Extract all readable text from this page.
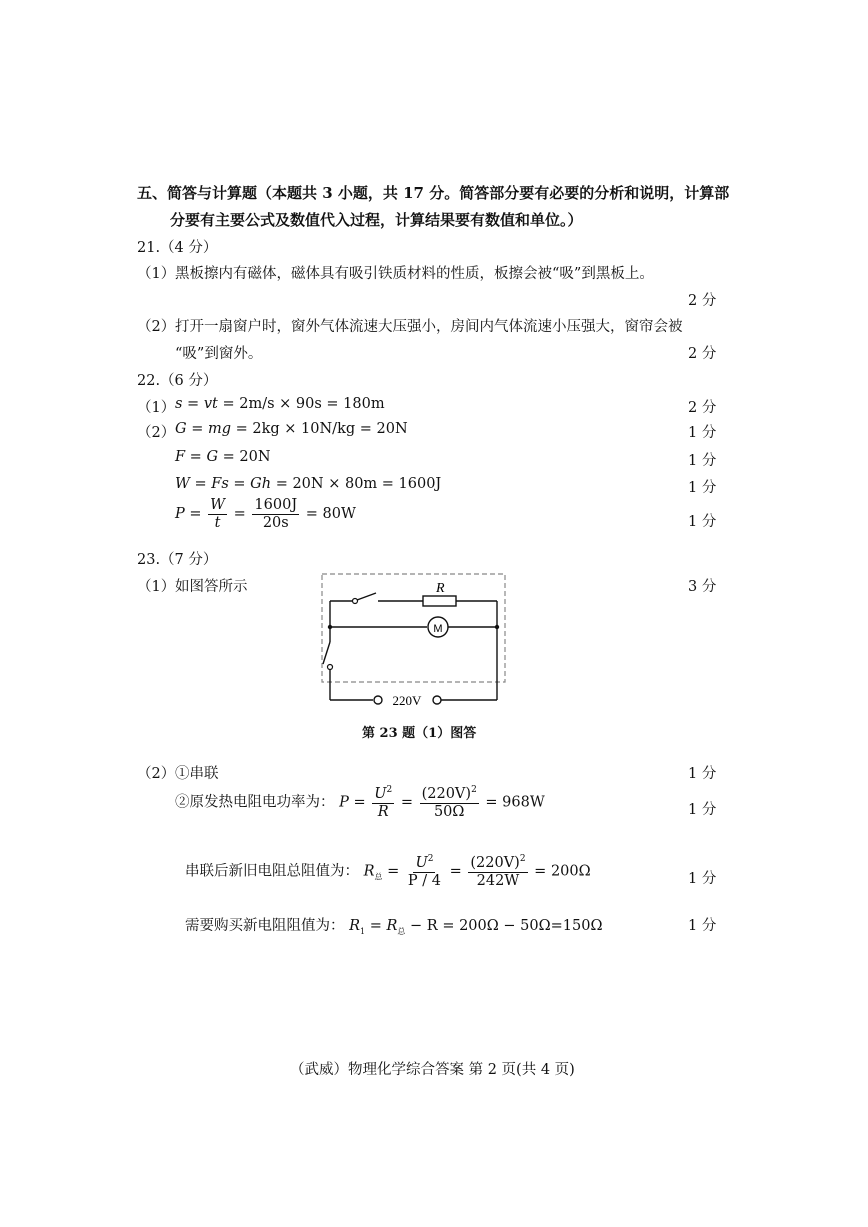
五、简答与计算题（本题共 3 小题，共 17 分。简答部分要有必要的分析和说明，计算部
分要有主要公式及数值代入过程，计算结果要有数值和单位。）
21.（4 分）
（1） 黑板擦内有磁体，磁体具有吸引铁质材料的性质，板擦会被“吸”到黑板上。
2 分
（2） 打开一扇窗户时，窗外气体流速大压强小，房间内气体流速小压强大，窗帘会被
“吸”到窗外。	2 分
22.（6 分）
（1） s = vt = 2m/s × 90s = 180m	2 分
（2） G = mg = 2kg × 10N/kg = 20N	1 分
F = G = 20N	1 分
W = Fs = Gh = 20N × 80m = 1600J	1 分
$P = \frac{W}{t} = \frac{1600J}{20s} = 80W$	1 分
23.（7 分）
（1） 如图答所示	3 分
R
M
220V
第 23 题（1）图答
（2） ①串联	1 分
②原发热电阻电功率为： $P = \frac{U^2}{R} = \frac{(220V)^2}{50\Omega} = 968W$	1 分
串联后新旧电阻总阻值为： $R_总 = \frac{U^2}{P / 4} = \frac{(220V)^2}{242W} = 200\Omega$	1 分
需要购买新电阻阻值为： $R_1 = R_总 - R = 200\Omega - 50\Omega=150\Omega$	1 分
（武威）物理化学综合答案 第 2 页(共 4 页)
